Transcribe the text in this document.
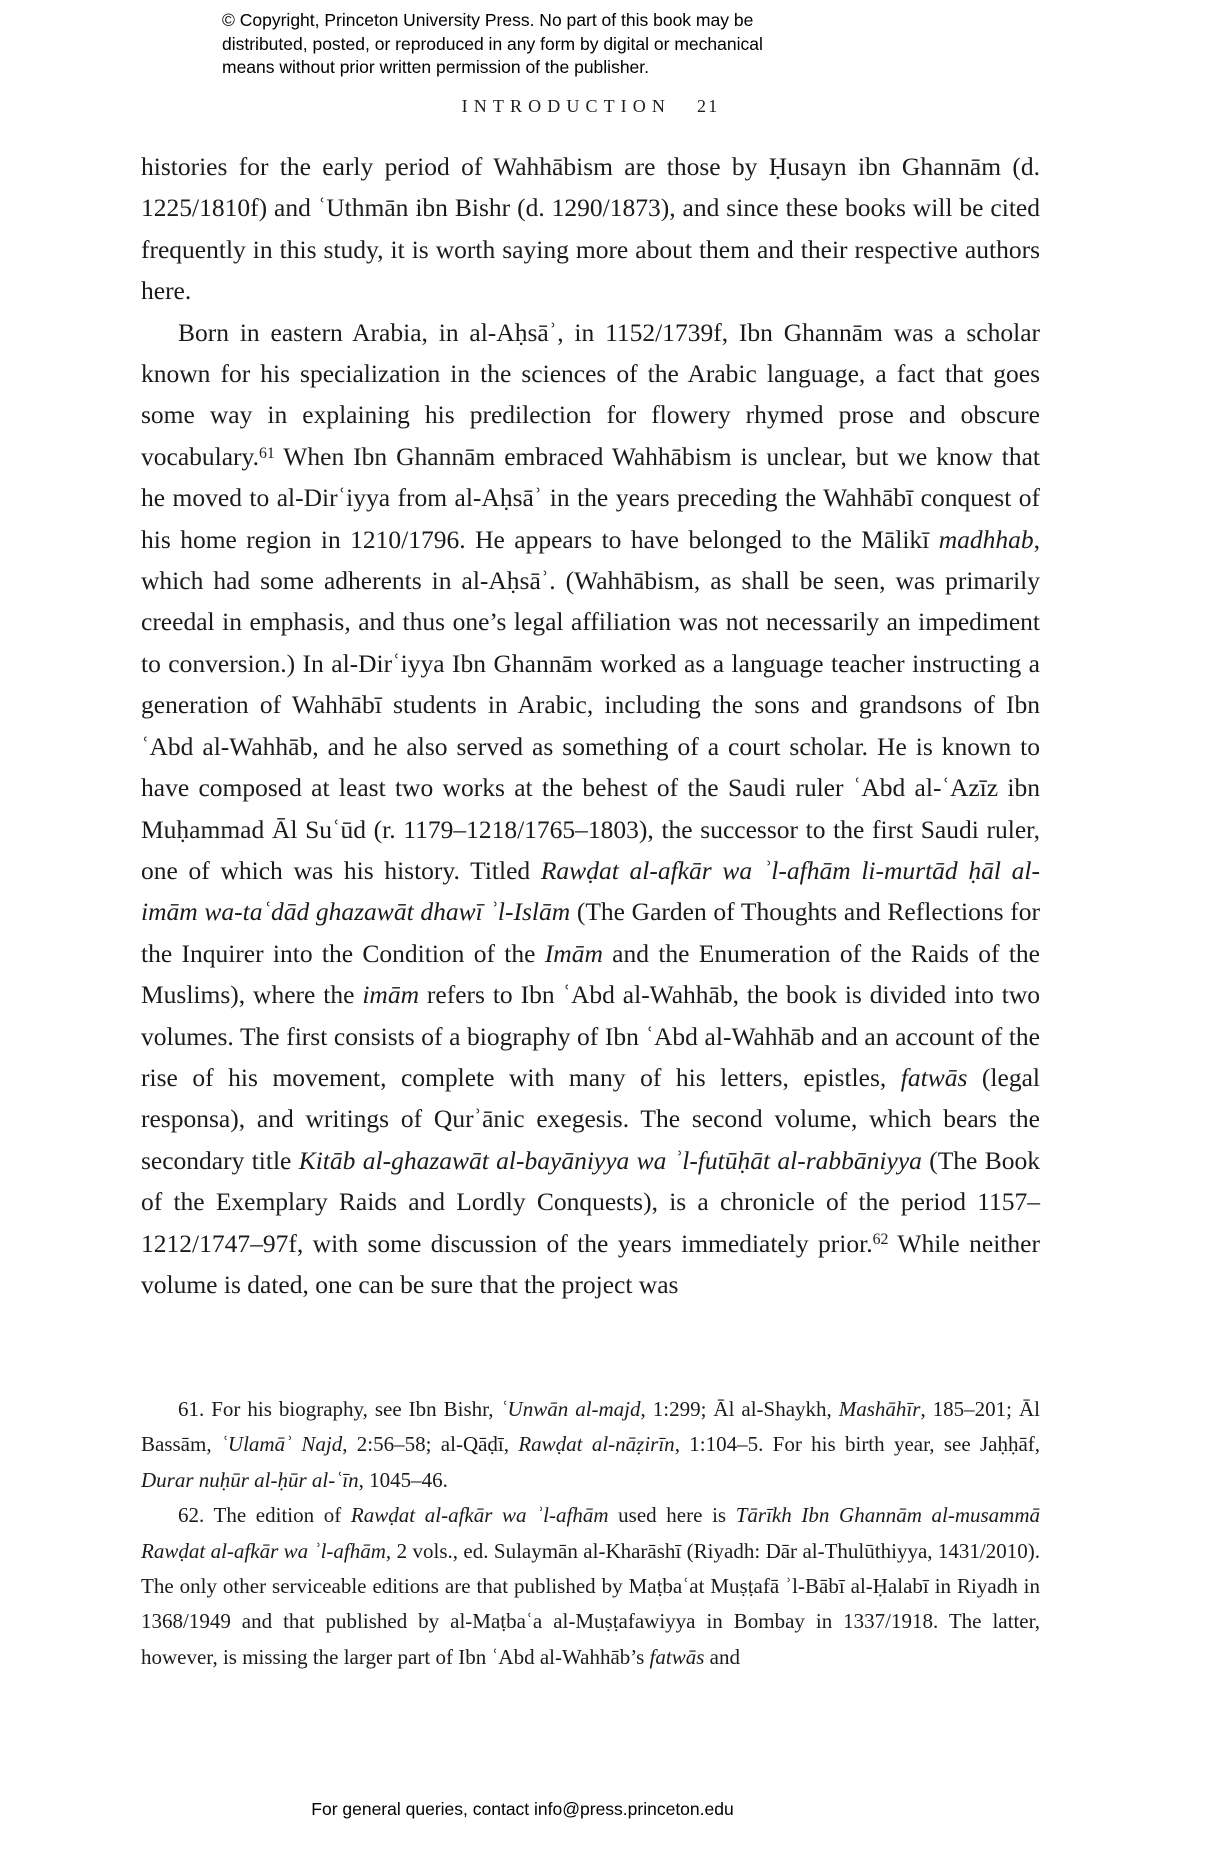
© Copyright, Princeton University Press. No part of this book may be
distributed, posted, or reproduced in any form by digital or mechanical
means without prior written permission of the publisher.
INTRODUCTION 21

histories for the early period of Wahhābism are those by Ḥusayn ibn Ghannām (d. 1225/1810f) and ʿUthmān ibn Bishr (d. 1290/1873), and since these books will be cited frequently in this study, it is worth saying more about them and their respective authors here.

Born in eastern Arabia, in al-Aḥsāʾ, in 1152/1739f, Ibn Ghannām was a scholar known for his specialization in the sciences of the Arabic language, a fact that goes some way in explaining his predilection for flowery rhymed prose and obscure vocabulary.$^{61}$ When Ibn Ghannām embraced Wahhābism is unclear, but we know that he moved to al-Dirʿiyya from al-Aḥsāʾ in the years preceding the Wahhābī conquest of his home region in 1210/1796. He appears to have belonged to the Mālikī madhhab, which had some adherents in al-Aḥsāʾ. (Wahhābism, as shall be seen, was primarily creedal in emphasis, and thus one’s legal affiliation was not necessarily an impediment to conversion.) In al-Dirʿiyya Ibn Ghannām worked as a language teacher instructing a generation of Wahhābī students in Arabic, including the sons and grandsons of Ibn ʿAbd al-Wahhāb, and he also served as something of a court scholar. He is known to have composed at least two works at the behest of the Saudi ruler ʿAbd al-ʿAzīz ibn Muḥammad Āl Suʿūd (r. 1179–1218/1765–1803), the successor to the first Saudi ruler, one of which was his history. Titled Rawḍat al-afkār wa ʾl-afhām li-murtād ḥāl al-imām wa-taʿdād ghazawāt dhawī ʾl-Islām (The Garden of Thoughts and Reflections for the Inquirer into the Condition of the Imām and the Enumeration of the Raids of the Muslims), where the imām refers to Ibn ʿAbd al-Wahhāb, the book is divided into two volumes. The first consists of a biography of Ibn ʿAbd al-Wahhāb and an account of the rise of his movement, complete with many of his letters, epistles, fatwās (legal responsa), and writings of Qurʾānic exegesis. The second volume, which bears the secondary title Kitāb al-ghazawāt al-bayāniyya wa ʾl-futūḥāt al-rabbāniyya (The Book of the Exemplary Raids and Lordly Conquests), is a chronicle of the period 1157–1212/1747–97f, with some discussion of the years immediately prior.$^{62}$ While neither volume is dated, one can be sure that the project was

61. For his biography, see Ibn Bishr, ʿUnwān al-majd, 1:299; Āl al-Shaykh, Mashāhīr, 185–201; Āl Bassām, ʿUlamāʾ Najd, 2:56–58; al-Qāḍī, Rawḍat al-nāẓirīn, 1:104–5. For his birth year, see Jaḥḥāf, Durar nuḥūr al-ḥūr al-ʿīn, 1045–46.

62. The edition of Rawḍat al-afkār wa ʾl-afhām used here is Tārīkh Ibn Ghannām al-musammā Rawḍat al-afkār wa ʾl-afhām, 2 vols., ed. Sulaymān al-Kharāshī (Riyadh: Dār al-Thulūthiyya, 1431/2010). The only other serviceable editions are that published by Maṭbaʿat Muṣṭafā ʾl-Bābī al-Ḥalabī in Riyadh in 1368/1949 and that published by al-Maṭbaʿa al-Muṣṭafawiyya in Bombay in 1337/1918. The latter, however, is missing the larger part of Ibn ʿAbd al-Wahhāb’s fatwās and

For general queries, contact info@press.princeton.edu
